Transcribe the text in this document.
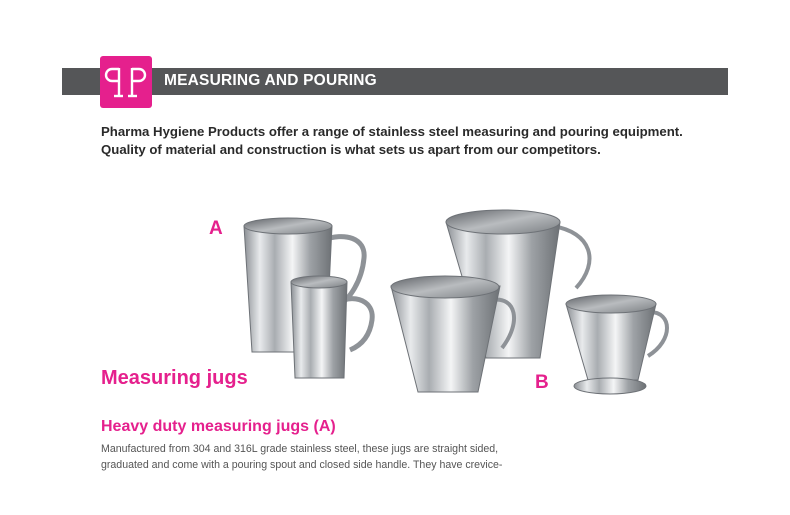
MEASURING AND POURING
Pharma Hygiene Products offer a range of stainless steel measuring and pouring equipment.
Quality of material and construction is what sets us apart from our competitors.
A
B
Measuring jugs
Heavy duty measuring jugs (A)
Manufactured from 304 and 316L grade stainless steel, these jugs are straight sided,
graduated and come with a pouring spout and closed side handle. They have crevice-
